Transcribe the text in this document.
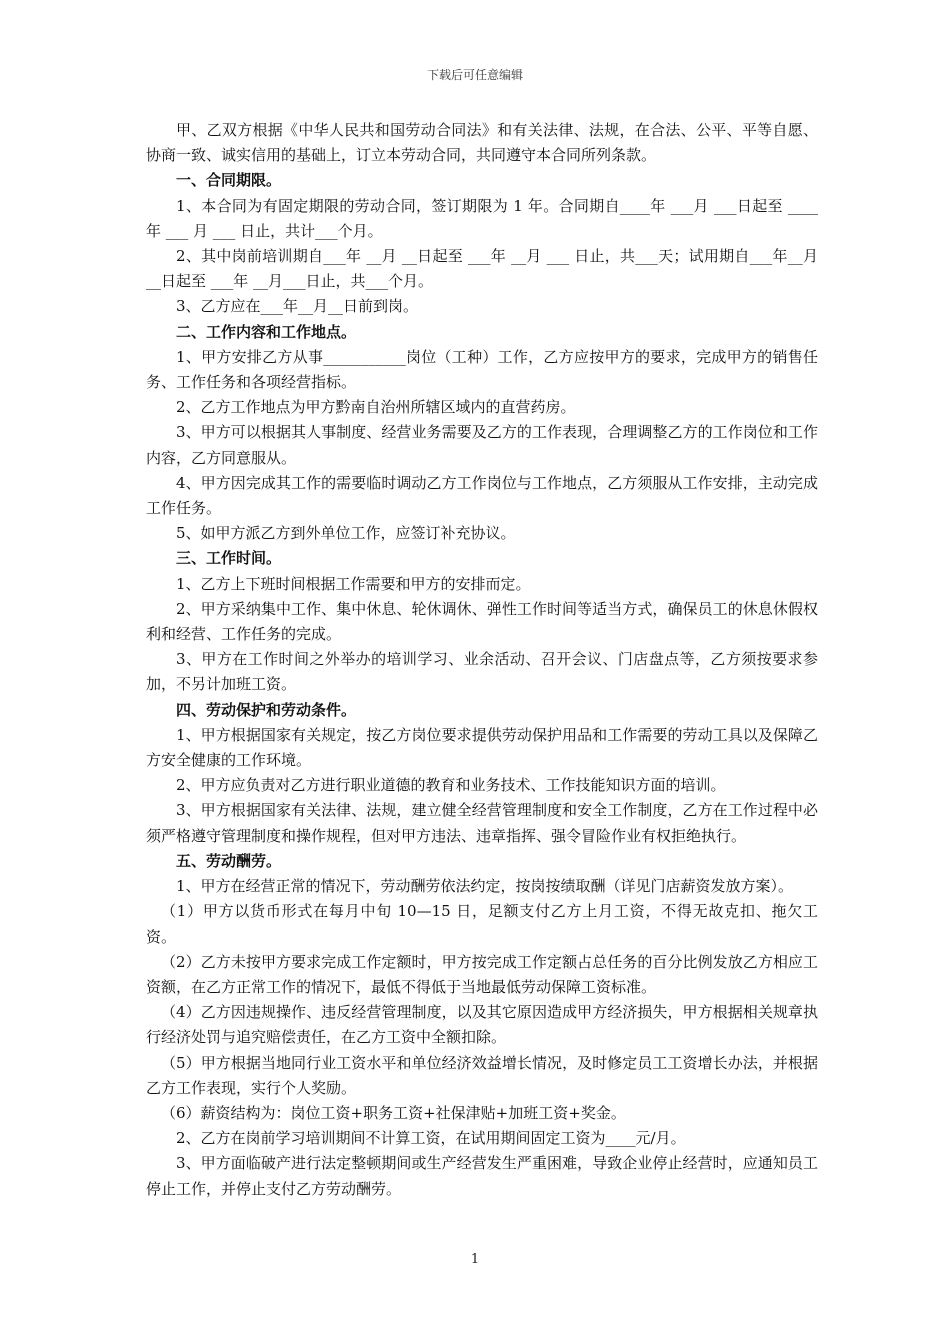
下载后可任意编辑

甲、乙双方根据《中华人民共和国劳动合同法》和有关法律、法规，在合法、公平、平等自愿、协商一致、诚实信用的基础上，订立本劳动合同，共同遵守本合同所列条款。

一、合同期限。

1、本合同为有固定期限的劳动合同，签订期限为 1 年。合同期自____年 ___月 ___日起至 ____ 年 ___ 月 ___ 日止，共计___个月。

2、其中岗前培训期自___年 __月 __日起至 ___年 __月 ___ 日止，共___天；试用期自___年__月__日起至 ___年 __月___日止，共___个月。

3、乙方应在___年__月__日前到岗。

二、工作内容和工作地点。

1、甲方安排乙方从事___________岗位（工种）工作，乙方应按甲方的要求，完成甲方的销售任务、工作任务和各项经营指标。

2、乙方工作地点为甲方黔南自治州所辖区域内的直营药房。

3、甲方可以根据其人事制度、经营业务需要及乙方的工作表现，合理调整乙方的工作岗位和工作内容，乙方同意服从。

4、甲方因完成其工作的需要临时调动乙方工作岗位与工作地点，乙方须服从工作安排，主动完成工作任务。

5、如甲方派乙方到外单位工作，应签订补充协议。

三、工作时间。

1、乙方上下班时间根据工作需要和甲方的安排而定。

2、甲方采纳集中工作、集中休息、轮休调休、弹性工作时间等适当方式，确保员工的休息休假权利和经营、工作任务的完成。

3、甲方在工作时间之外举办的培训学习、业余活动、召开会议、门店盘点等，乙方须按要求参加，不另计加班工资。

四、劳动保护和劳动条件。

1、甲方根据国家有关规定，按乙方岗位要求提供劳动保护用品和工作需要的劳动工具以及保障乙方安全健康的工作环境。

2、甲方应负责对乙方进行职业道德的教育和业务技术、工作技能知识方面的培训。

3、甲方根据国家有关法律、法规，建立健全经营管理制度和安全工作制度，乙方在工作过程中必须严格遵守管理制度和操作规程，但对甲方违法、违章指挥、强令冒险作业有权拒绝执行。

五、劳动酬劳。

1、甲方在经营正常的情况下，劳动酬劳依法约定，按岗按绩取酬（详见门店薪资发放方案）。

（1）甲方以货币形式在每月中旬 10—15 日，足额支付乙方上月工资，不得无故克扣、拖欠工资。

（2）乙方未按甲方要求完成工作定额时，甲方按完成工作定额占总任务的百分比例发放乙方相应工资额，在乙方正常工作的情况下，最低不得低于当地最低劳动保障工资标准。

（4）乙方因违规操作、违反经营管理制度，以及其它原因造成甲方经济损失，甲方根据相关规章执行经济处罚与追究赔偿责任，在乙方工资中全额扣除。

（5）甲方根据当地同行业工资水平和单位经济效益增长情况，及时修定员工工资增长办法，并根据乙方工作表现，实行个人奖励。

（6）薪资结构为：岗位工资+职务工资+社保津贴+加班工资+奖金。

2、乙方在岗前学习培训期间不计算工资，在试用期间固定工资为____元/月。

3、甲方面临破产进行法定整顿期间或生产经营发生严重困难，导致企业停止经营时，应通知员工停止工作，并停止支付乙方劳动酬劳。

1
